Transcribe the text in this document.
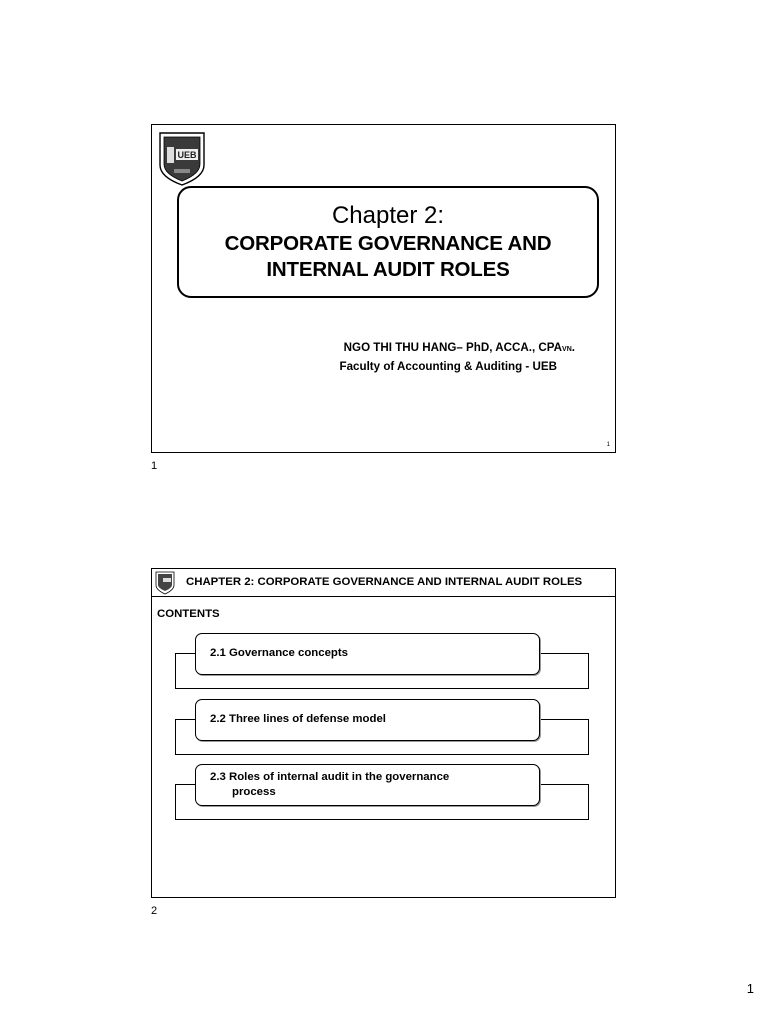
UEB
Chapter 2:
CORPORATE GOVERNANCE AND
INTERNAL AUDIT ROLES
NGO THI THU HANG– PhD, ACCA., CPAVN.
Faculty of Accounting & Auditing - UEB
1
1
CHAPTER 2: CORPORATE GOVERNANCE AND INTERNAL AUDIT ROLES
CONTENTS
2.1 Governance concepts
2.2 Three lines of defense model
2.3 Roles of internal audit in the governance
process
2
1
